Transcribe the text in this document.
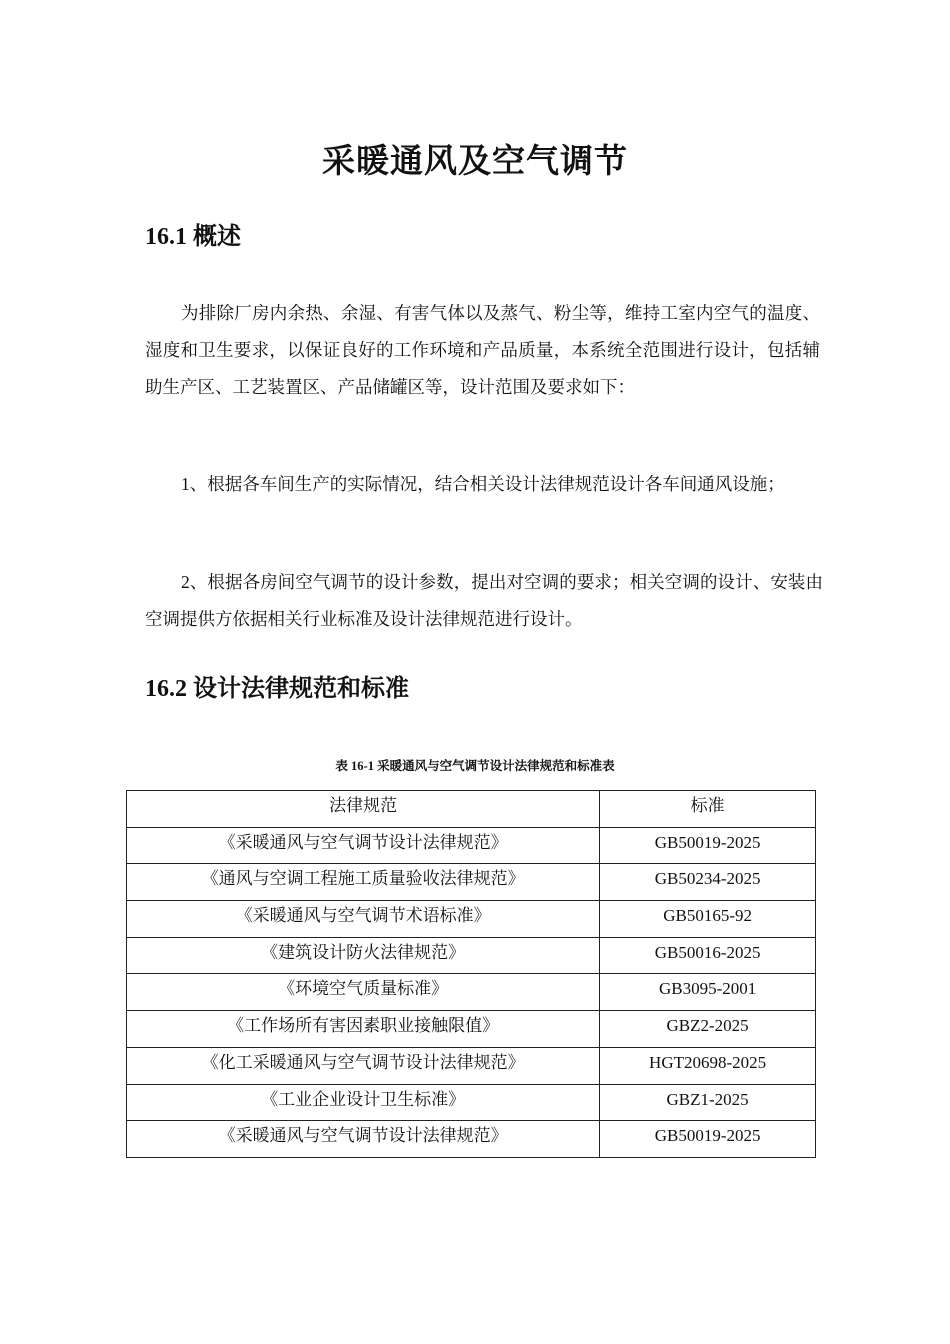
采暖通风及空气调节
16.1 概述

为排除厂房内余热、余湿、有害气体以及蒸气、粉尘等，维持工室内空气的温度、湿度和卫生要求，以保证良好的工作环境和产品质量，本系统全范围进行设计，包括辅助生产区、工艺装置区、产品储罐区等，设计范围及要求如下：

1、根据各车间生产的实际情况，结合相关设计法律规范设计各车间通风设施；

2、根据各房间空气调节的设计参数，提出对空调的要求；相关空调的设计、安装由空调提供方依据相关行业标准及设计法律规范进行设计。

16.2 设计法律规范和标准
表 16-1 采暖通风与空气调节设计法律规范和标准表
法律规范	标准
《采暖通风与空气调节设计法律规范》	GB50019-2025
《通风与空调工程施工质量验收法律规范》	GB50234-2025
《采暖通风与空气调节术语标准》	GB50165-92
《建筑设计防火法律规范》	GB50016-2025
《环境空气质量标准》	GB3095-2001
《工作场所有害因素职业接触限值》	GBZ2-2025
《化工采暖通风与空气调节设计法律规范》	HGT20698-2025
《工业企业设计卫生标准》	GBZ1-2025
《采暖通风与空气调节设计法律规范》	GB50019-2025
